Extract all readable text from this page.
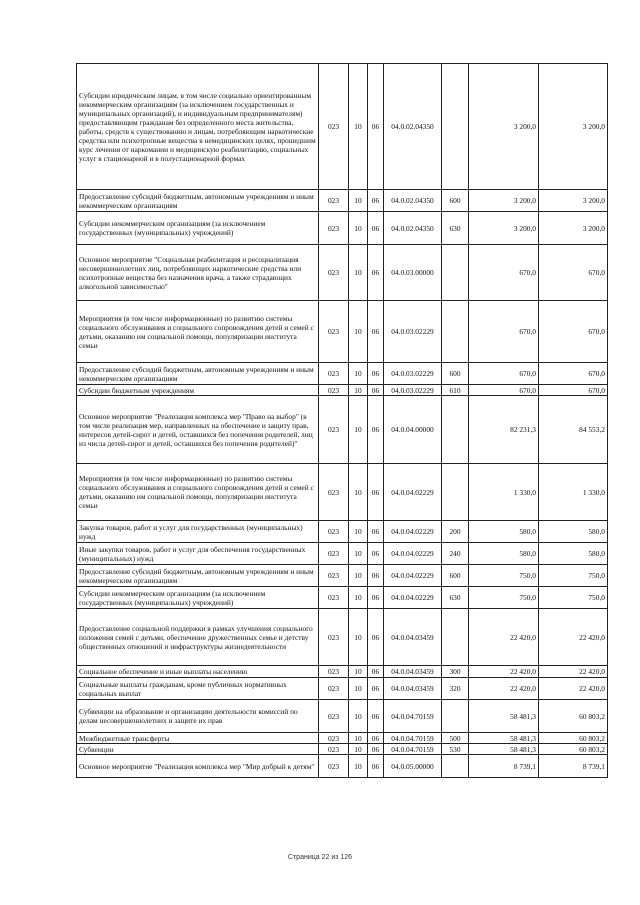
Субсидии юридическим лицам, в том числе социально ориентированным некоммерческим организациям (за исключением государственных и муниципальных организаций), и индивидуальным предпринимателям) предоставляющим гражданам без определенного места жительства, работы, средств к существованию и лицам, потребляющим наркотические средства или психотропные вещества в немедицинских целях, прошедшим курс лечения от наркомании и медицинскую реабилитацию, социальных услуг в стационарной и в полустационарной формах	023	10	06	04.0.02.04350		3 200,0	3 200,0
Предоставление субсидий бюджетным, автономным учреждениям и иным некоммерческим организациям	023	10	06	04.0.02.04350	600	3 200,0	3 200,0
Субсидии некоммерческим организациям (за исключением государственных (муниципальных) учреждений)	023	10	06	04.0.02.04350	630	3 200,0	3 200,0
Основное мероприятие "Социальная реабилитация и ресоциализация несовершеннолетних лиц, потребляющих наркотические средства или психотропные вещества без назначения врача, а также страдающих алкогольной зависимостью"	023	10	06	04.0.03.00000		670,0	670,0
Мероприятия (в том числе информационные) по развитию системы социального обслуживания и социального сопровождения детей и семей с детьми, оказанию им социальной помощи, популяризации института семьи	023	10	06	04.0.03.02229		670,0	670,0
Предоставление субсидий бюджетным, автономным учреждениям и иным некоммерческим организациям	023	10	06	04.0.03.02229	600	670,0	670,0
Субсидии бюджетным учреждениям	023	10	06	04.0.03.02229	610	670,0	670,0
Основное мероприятие "Реализация комплекса мер "Право на выбор" (в том числе реализация мер, направленных на обеспечение и защиту прав, интересов детей-сирот и детей, оставшихся без попечения родителей, лиц из числа детей-сирот и детей, оставшихся без попечения родителей)"	023	10	06	04.0.04.00000		82 231,3	84 553,2
Мероприятия (в том числе информационные) по развитию системы социального обслуживания и социального сопровождения детей и семей с детьми, оказанию им социальной помощи, популяризации института семьи	023	10	06	04.0.04.02229		1 330,0	1 330,0
Закупка товаров, работ и услуг для государственных (муниципальных) нужд	023	10	06	04.0.04.02229	200	580,0	580,0
Иные закупки товаров, работ и услуг для обеспечения государственных (муниципальных) нужд	023	10	06	04.0.04.02229	240	580,0	580,0
Предоставление субсидий бюджетным, автономным учреждениям и иным некоммерческим организациям	023	10	06	04.0.04.02229	600	750,0	750,0
Субсидии некоммерческим организациям (за исключением государственных (муниципальных) учреждений)	023	10	06	04.0.04.02229	630	750,0	750,0
Предоставление социальной поддержки в рамках улучшения социального положения семей с детьми, обеспечение дружественных семье и детству общественных отношений и инфраструктуры жизнедеятельности	023	10	06	04.0.04.03459		22 420,0	22 420,0
Социальное обеспечение и иные выплаты населению	023	10	06	04.0.04.03459	300	22 420,0	22 420,0
Социальные выплаты гражданам, кроме публичных нормативных социальных выплат	023	10	06	04.0.04.03459	320	22 420,0	22 420,0
Субвенции на образование и организацию деятельности комиссий по делам несовершеннолетних и защите их прав	023	10	06	04.0.04.70159		58 481,3	60 803,2
Межбюджетные трансферты	023	10	06	04.0.04.70159	500	58 481,3	60 803,2
Субвенции	023	10	06	04.0.04.70159	530	58 481,3	60 803,2
Основное мероприятие "Реализация комплекса мер "Мир добрый к детям"	023	10	06	04.0.05.00000		8 739,1	8 739,1
Страница 22 из 126
